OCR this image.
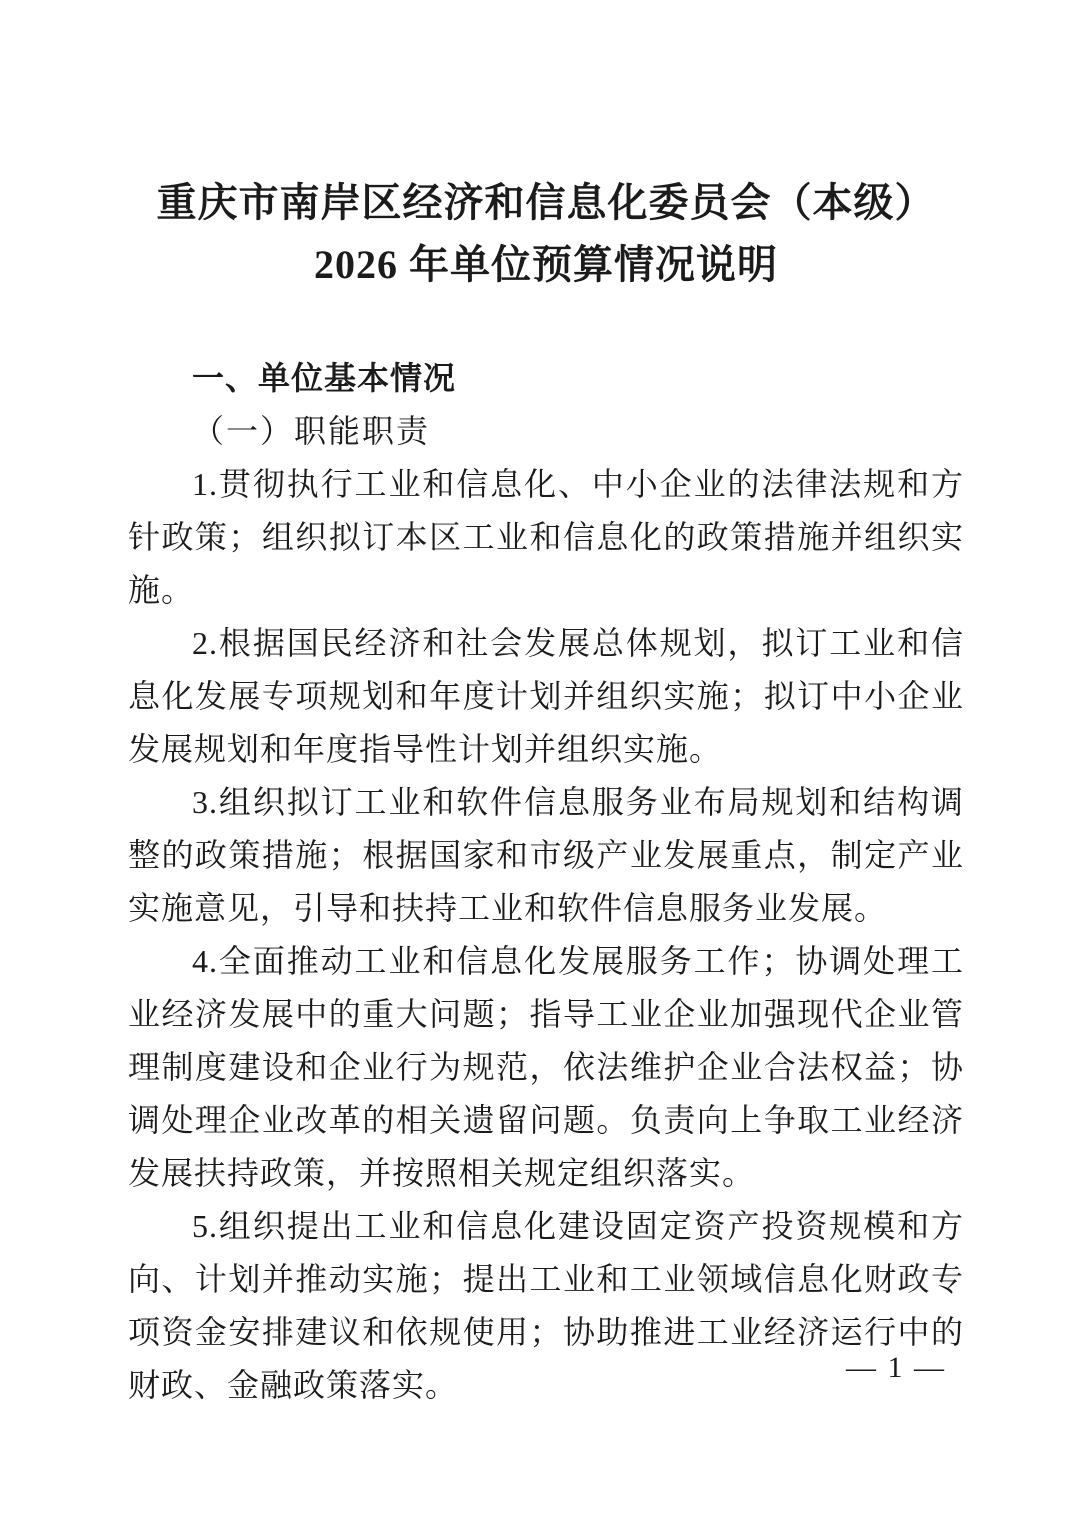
重庆市南岸区经济和信息化委员会（本级）
2026 年单位预算情况说明
一、单位基本情况
（一）职能职责

1.贯彻执行工业和信息化、中小企业的法律法规和方针政策；组织拟订本区工业和信息化的政策措施并组织实施。

2.根据国民经济和社会发展总体规划，拟订工业和信息化发展专项规划和年度计划并组织实施；拟订中小企业发展规划和年度指导性计划并组织实施。

3.组织拟订工业和软件信息服务业布局规划和结构调整的政策措施；根据国家和市级产业发展重点，制定产业实施意见，引导和扶持工业和软件信息服务业发展。

4.全面推动工业和信息化发展服务工作；协调处理工业经济发展中的重大问题；指导工业企业加强现代企业管理制度建设和企业行为规范，依法维护企业合法权益；协调处理企业改革的相关遗留问题。负责向上争取工业经济发展扶持政策，并按照相关规定组织落实。

5.组织提出工业和信息化建设固定资产投资规模和方向、计划并推动实施；提出工业和工业领域信息化财政专项资金安排建议和依规使用；协助推进工业经济运行中的财政、金融政策落实。	— 1 —
